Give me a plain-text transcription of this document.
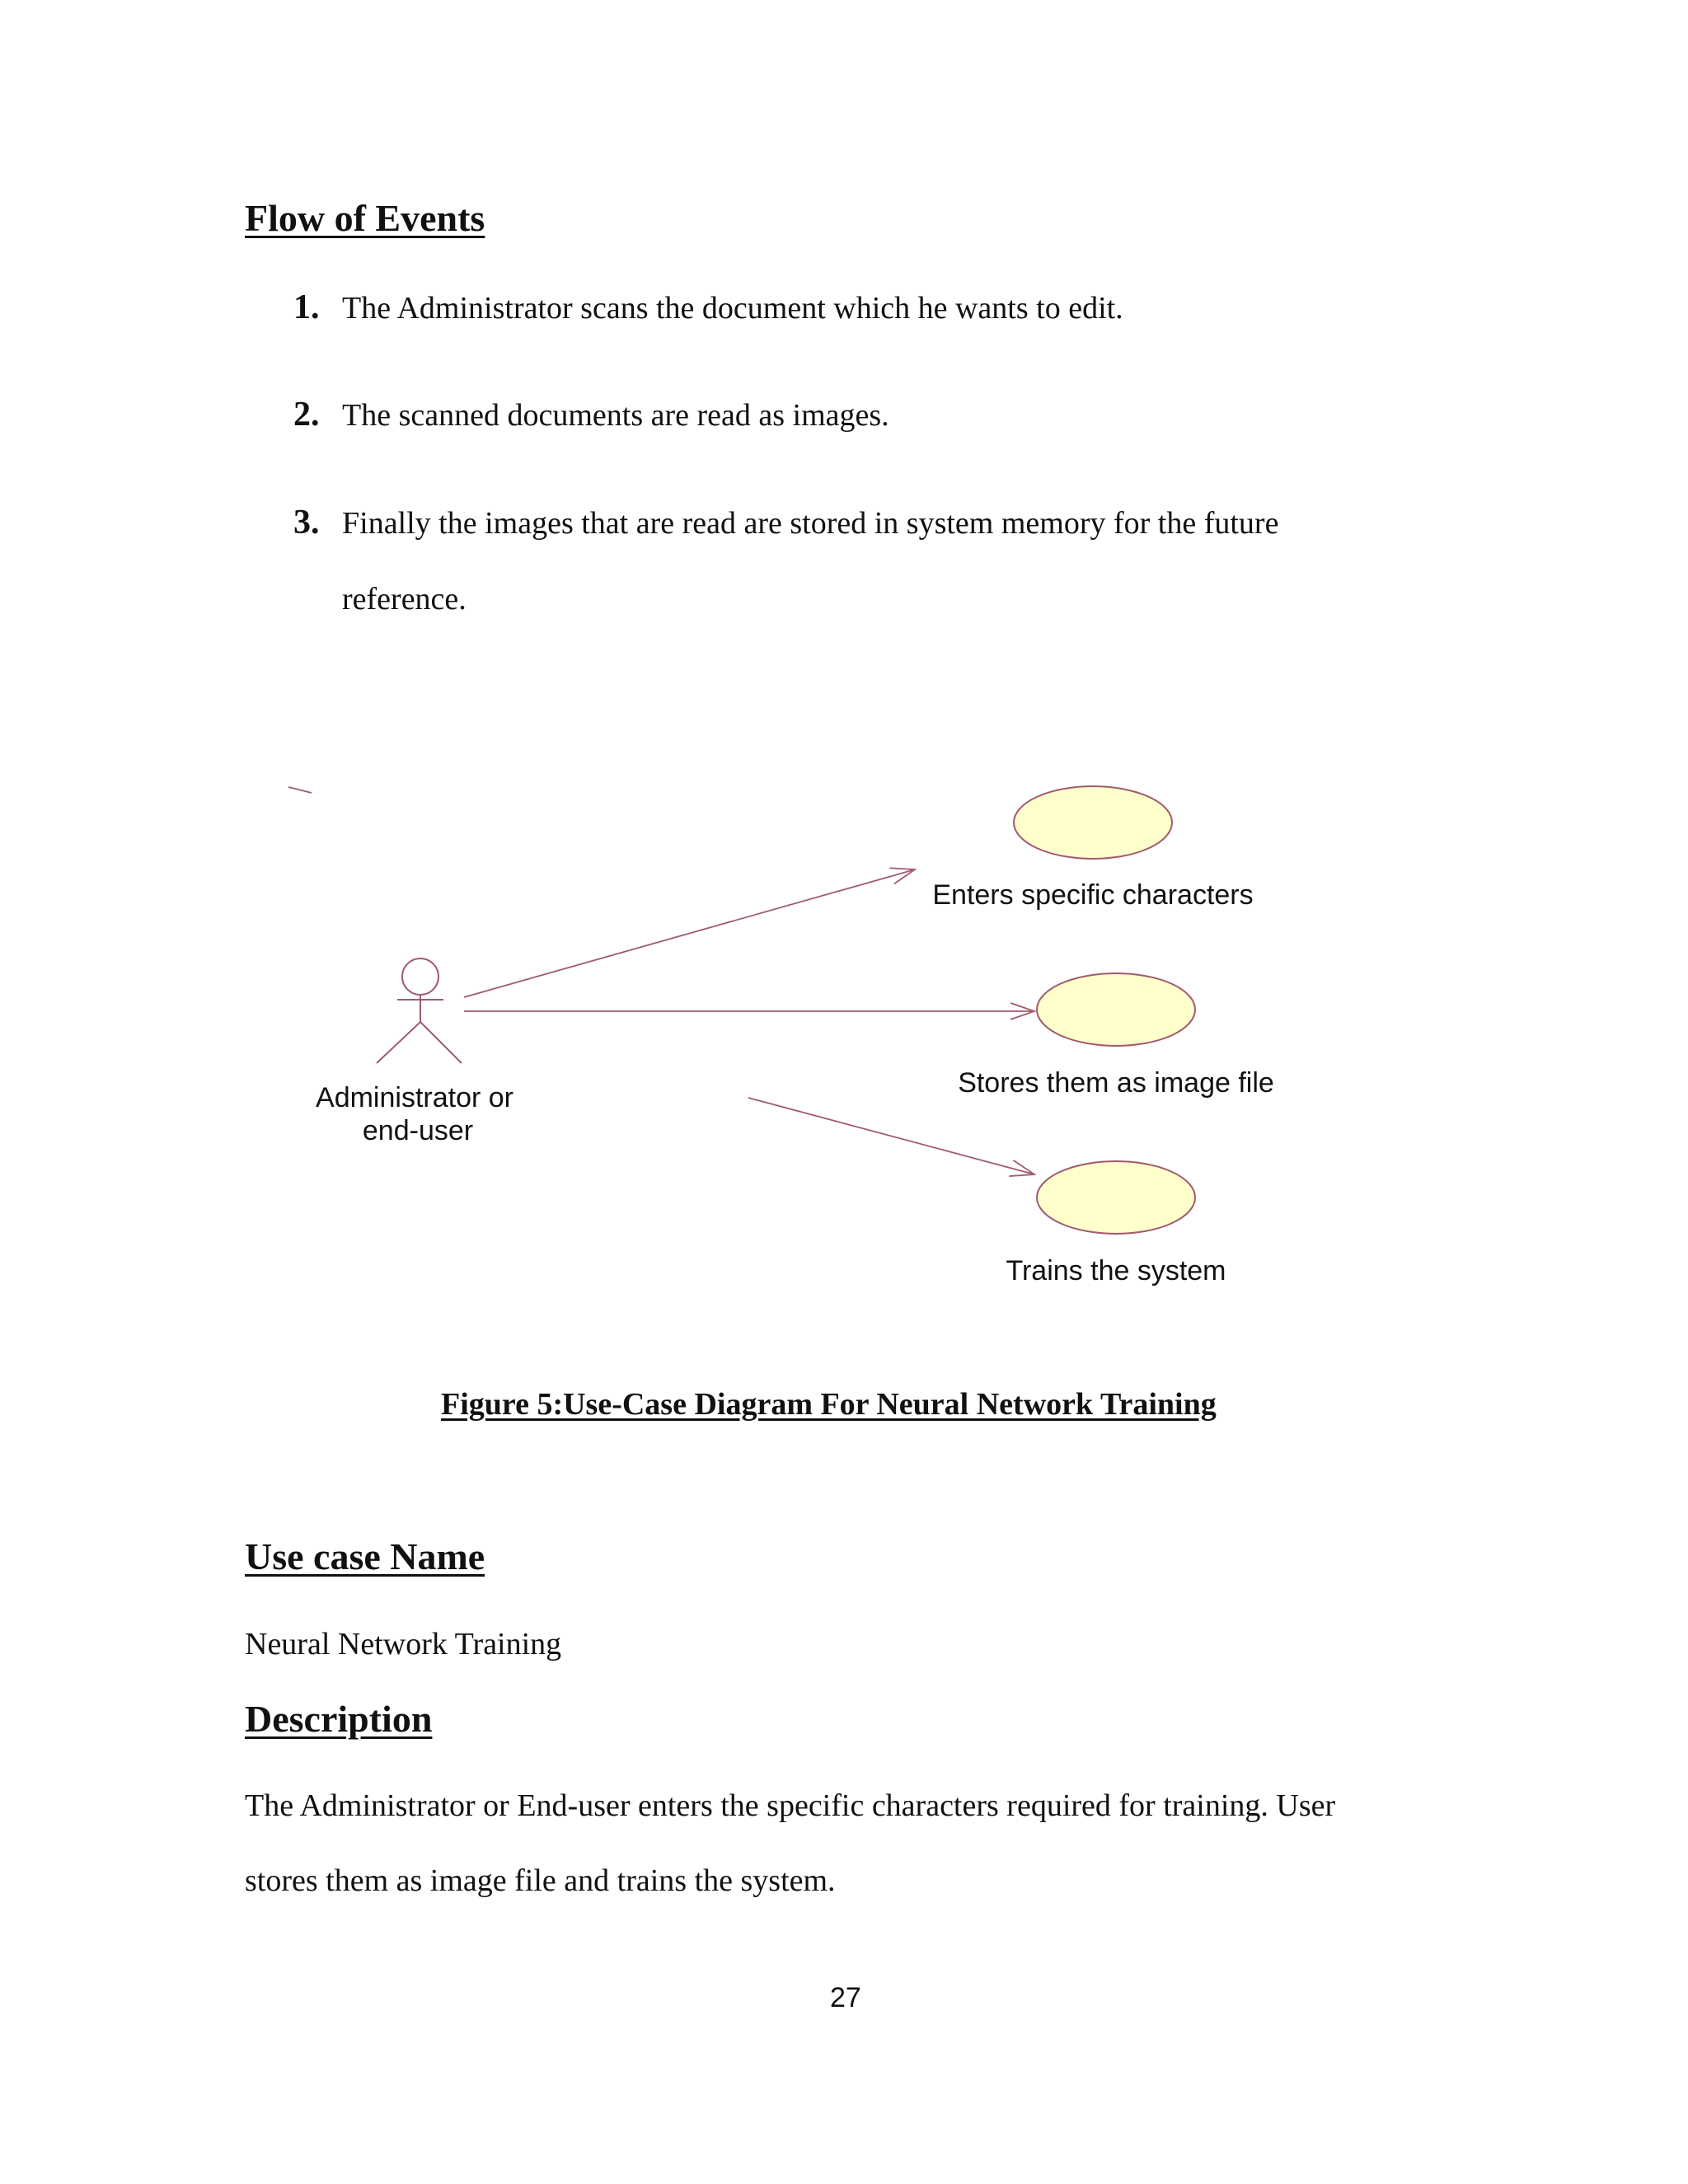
Flow of Events
1. The Administrator scans the document which he wants to edit.
2. The scanned documents are read as images.
3. Finally the images that are read are stored in system memory for the future
reference.
Enters specific characters
Stores them as image file
Trains the system
Administrator or
end-user
Figure 5:Use-Case Diagram For Neural Network Training
Use case Name
Neural Network Training
Description
The Administrator or End-user enters the specific characters required for training. User
stores them as image file and trains the system.
27
